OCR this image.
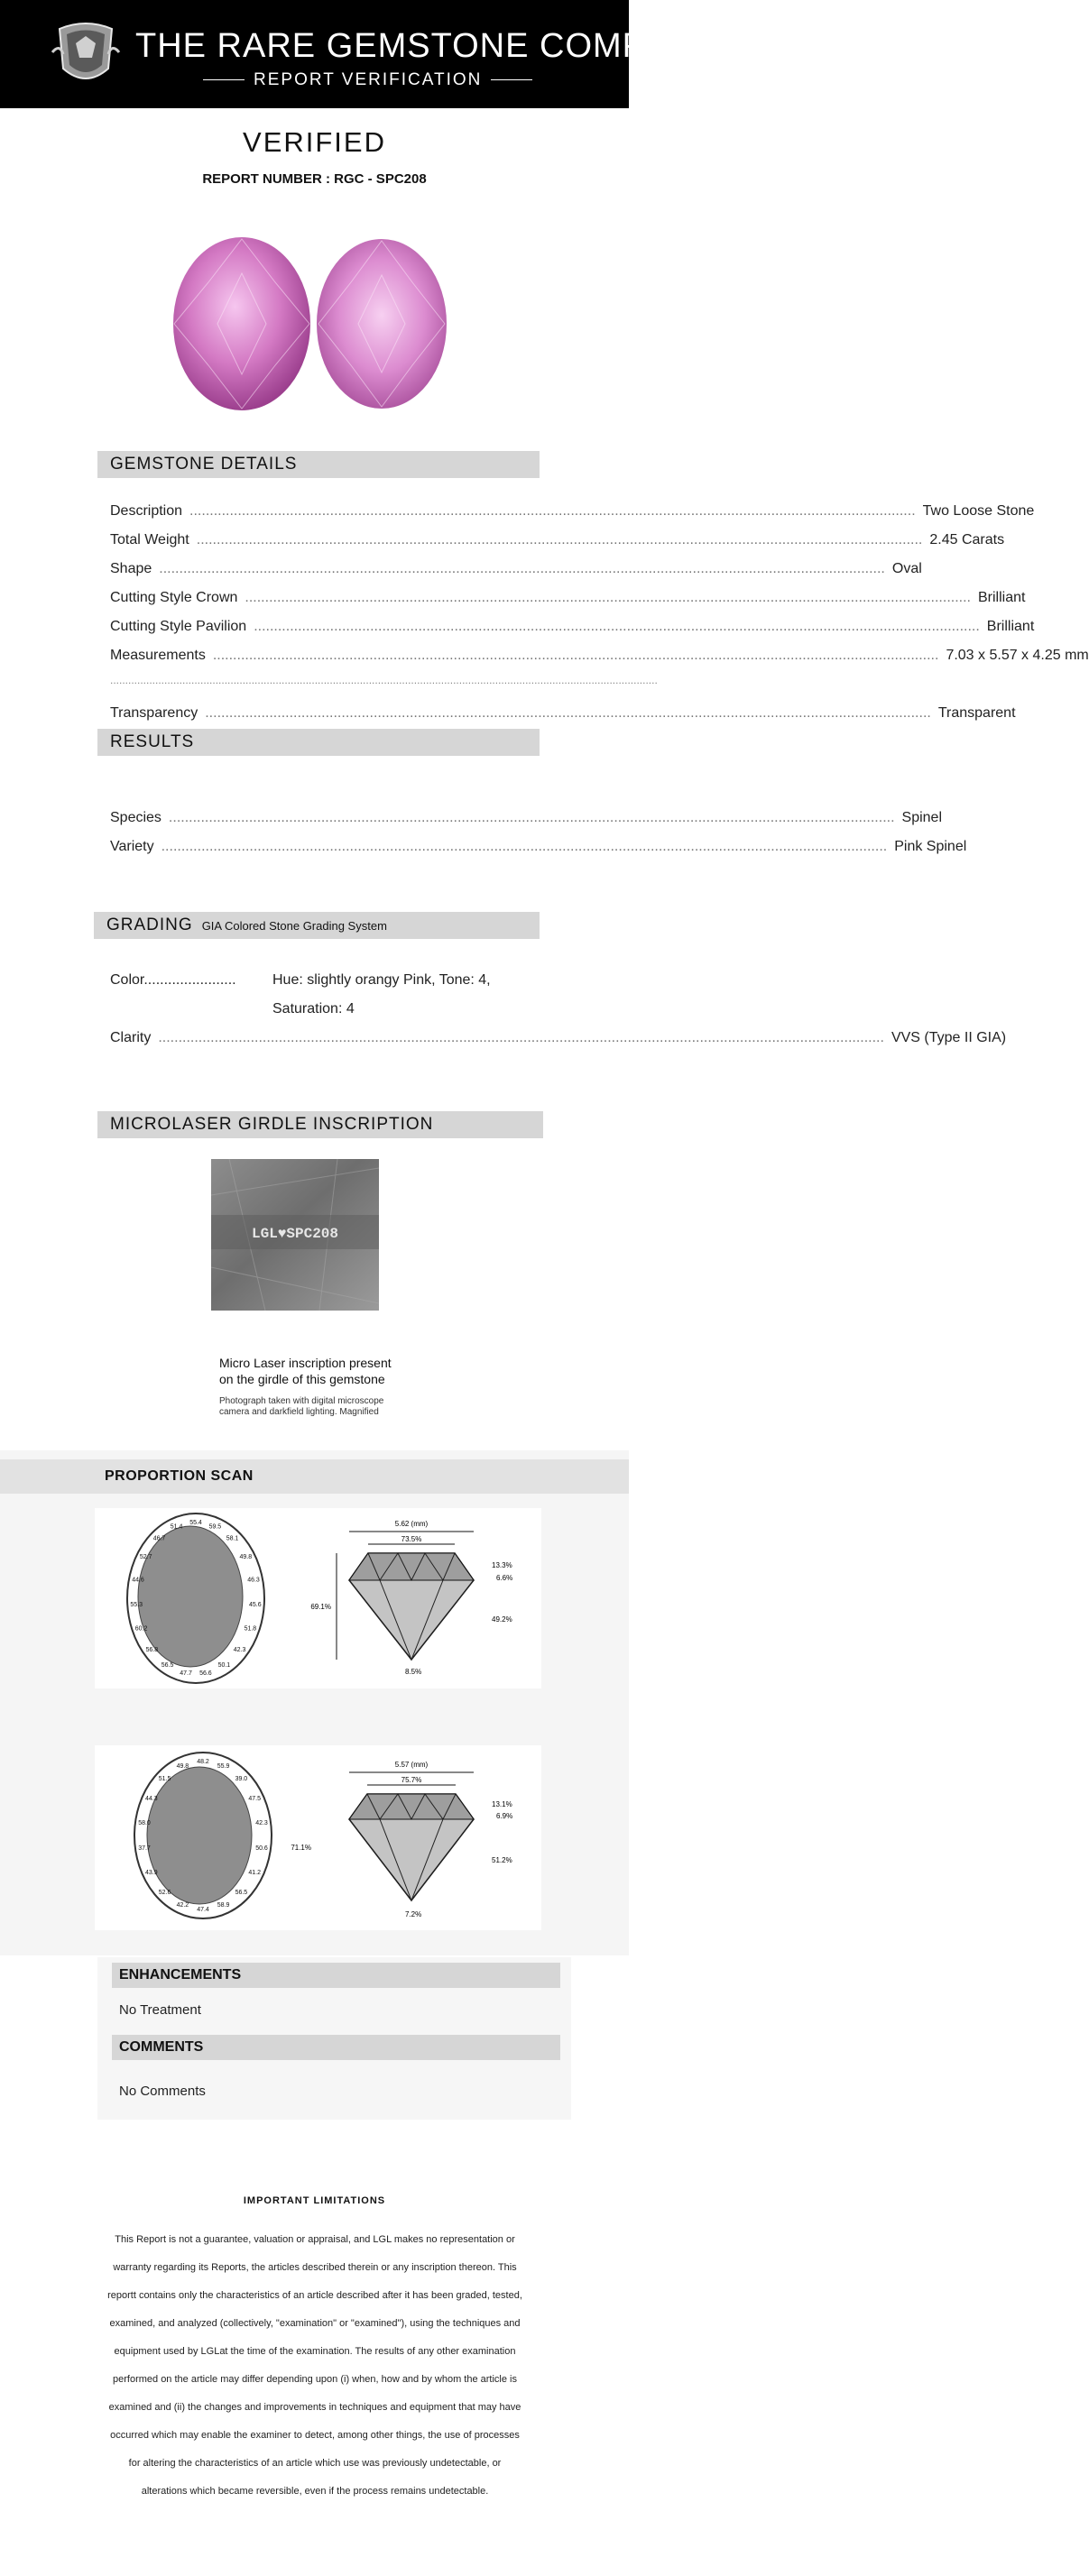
THE RARE GEMSTONE COMPANY
REPORT VERIFICATION
VERIFIED
REPORT NUMBER : RGC - SPC208
GEMSTONE DETAILS
Description .....	Two Loose Stone
Total Weight .....	2.45 Carats
Shape .....	Oval
Cutting Style Crown .....	Brilliant
Cutting Style Pavilion .....	Brilliant
Measurements .....	7.03 x 5.57 x 4.25 mm
.....
Transparency .....	Transparent
RESULTS
Species .....	Spinel
Variety .....	Pink Spinel
GRADING GIA Colored Stone Grading System
Color.......................	Hue: slightly orangy Pink, Tone: 4,
Saturation: 4
Clarity .....	VVS (Type II GIA)
MICROLASER GIRDLE INSCRIPTION
LGL♥SPC208
Micro Laser inscription present
on the girdle of this gemstone
Photograph taken with digital microscope
camera and darkfield lighting. Magnified
PROPORTION SCAN
55.4
59.5
58.1
49.8
46.3
45.6
51.8
42.3
50.1
56.6
47.7
56.5
56.8
60.2
55.3
44.6
52.7
46.7
51.4	5.62 (mm)
73.5%
69.1%
13.3%
6.6%
49.2%
8.5%
48.2
55.9
39.0
47.5
42.3
50.6
41.2
56.5
58.9
47.4
42.2
52.6
43.9
37.7
58.0
44.3
51.5
49.8	5.57 (mm)
75.7%
71.1%
13.1%
6.9%
51.2%
7.2%
ENHANCEMENTS
No Treatment
COMMENTS
No Comments
IMPORTANT LIMITATIONS
This Report is not a guarantee, valuation or appraisal, and LGL makes no representation or warranty regarding its Reports, the articles described therein or any inscription thereon. This reportt contains only the characteristics of an article described after it has been graded, tested, examined, and analyzed (collectively, "examination" or "examined"), using the techniques and equipment used by LGLat the time of the examination. The results of any other examination performed on the article may differ depending upon (i) when, how and by whom the article is examined and (ii) the changes and improvements in techniques and equipment that may have occurred which may enable the examiner to detect, among other things, the use of processes for altering the characteristics of an article which use was previously undetectable, or alterations which became reversible, even if the process remains undetectable.
